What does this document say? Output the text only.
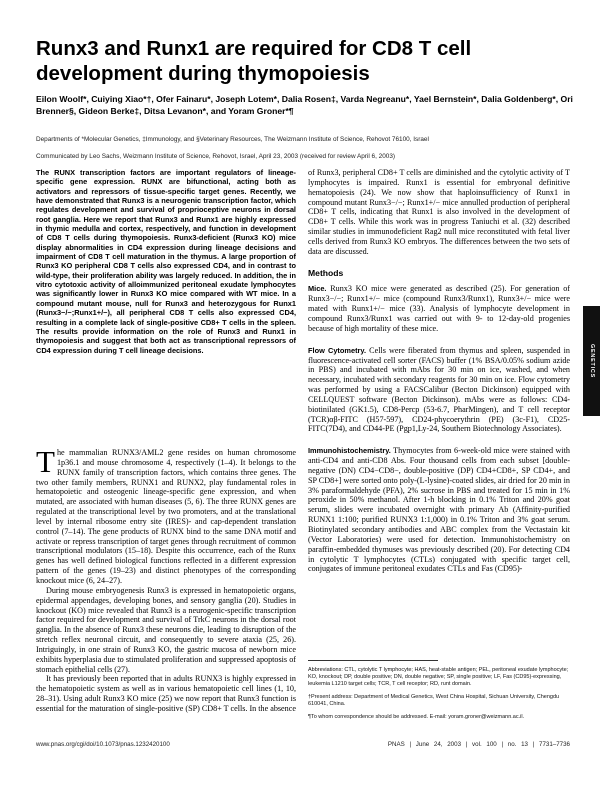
Runx3 and Runx1 are required for CD8 T cell development during thymopoiesis
Eilon Woolf*, Cuiying Xiao*†, Ofer Fainaru*, Joseph Lotem*, Dalia Rosen‡, Varda Negreanu*, Yael Bernstein*, Dalia Goldenberg*, Ori Brenner§, Gideon Berke‡, Ditsa Levanon*, and Yoram Groner*¶
Departments of *Molecular Genetics, ‡Immunology, and §Veterinary Resources, The Weizmann Institute of Science, Rehovot 76100, Israel
Communicated by Leo Sachs, Weizmann Institute of Science, Rehovot, Israel, April 23, 2003 (received for review April 6, 2003)
The RUNX transcription factors are important regulators of lineage-specific gene expression. RUNX are bifunctional, acting both as activators and repressors of tissue-specific target genes. Recently, we have demonstrated that Runx3 is a neurogenic transcription factor, which regulates development and survival of proprioceptive neurons in dorsal root ganglia. Here we report that Runx3 and Runx1 are highly expressed in thymic medulla and cortex, respectively, and function in development of CD8 T cells during thymopoiesis. Runx3-deficient (Runx3 KO) mice display abnormalities in CD4 expression during lineage decisions and impairment of CD8 T cell maturation in the thymus. A large proportion of Runx3 KO peripheral CD8 T cells also expressed CD4, and in contrast to wild-type, their proliferation ability was largely reduced. In addition, the in vitro cytotoxic activity of alloimmunized peritoneal exudate lymphocytes was significantly lower in Runx3 KO mice compared with WT mice. In a compound mutant mouse, null for Runx3 and heterozygous for Runx1 (Runx3−/−;Runx1+/−), all peripheral CD8 T cells also expressed CD4, resulting in a complete lack of single-positive CD8+ T cells in the spleen. The results provide information on the role of Runx3 and Runx1 in thymopoiesis and suggest that both act as transcriptional repressors of CD4 expression during T cell lineage decisions.

The mammalian RUNX3/AML2 gene resides on human chromosome 1p36.1 and mouse chromosome 4, respectively (1–4). It belongs to the RUNX family of transcription factors, which contains three genes. The two other family members, RUNX1 and RUNX2, play fundamental roles in hematopoietic and osteogenic lineage-specific gene expression, and when mutated, are associated with human diseases (5, 6). The three RUNX genes are regulated at the transcriptional level by two promoters, and at the translational level by internal ribosome entry site (IRES)- and cap-dependent translation control (7–14). The gene products of RUNX bind to the same DNA motif and activate or repress transcription of target genes through recruitment of common transcriptional modulators (15–18). Despite this occurrence, each of the Runx genes has well defined biological functions reflected in a different expression pattern of the genes (19–23) and distinct phenotypes of the corresponding knockout mice (6, 24–27).

During mouse embryogenesis Runx3 is expressed in hematopoietic organs, epidermal appendages, developing bones, and sensory ganglia (20). Studies in knockout (KO) mice revealed that Runx3 is a neurogenic-specific transcription factor required for development and survival of TrkC neurons in the dorsal root ganglia. In the absence of Runx3 these neurons die, leading to disruption of the stretch reflex neuronal circuit, and consequently to severe ataxia (25, 26). Intriguingly, in one strain of Runx3 KO, the gastric mucosa of newborn mice exhibits hyperplasia due to stimulated proliferation and suppressed apoptosis of stomach epithelial cells (27).

It has previously been reported that in adults RUNX3 is highly expressed in the hematopoietic system as well as in various hematopoietic cell lines (1, 10, 28–31). Using adult Runx3 KO mice (25) we now report that Runx3 function is essential for the maturation of single-positive (SP) CD8+ T cells. In the absence

of Runx3, peripheral CD8+ T cells are diminished and the cytolytic activity of T lymphocytes is impaired. Runx1 is essential for embryonal definitive hematopoiesis (24). We now show that haploinsufficiency of Runx1 in compound mutant Runx3−/−; Runx1+/− mice annulled production of peripheral CD8+ T cells, indicating that Runx1 is also involved in the development of CD8+ T cells. While this work was in progress Taniuchi et al. (32) described similar studies in immunodeficient Rag2 null mice reconstituted with fetal liver cells derived from Runx3 KO embryos. The differences between the two sets of data are discussed.

Methods

Mice. Runx3 KO mice were generated as described (25). For generation of Runx3−/−; Runx1+/− mice (compound Runx3/Runx1), Runx3+/− mice were mated with Runx1+/− mice (33). Analysis of lymphocyte development in compound Runx3/Runx1 was carried out with 9- to 12-day-old progenies because of high mortality of these mice.

Flow Cytometry. Cells were fiberated from thymus and spleen, suspended in fluorescence-activated cell sorter (FACS) buffer (1% BSA/0.05% sodium azide in PBS) and incubated with mAbs for 30 min on ice, washed, and when necessary, incubated with secondary reagents for 30 min on ice. Flow cytometry was performed by using a FACSCalibur (Becton Dickinson) equipped with CELLQUEST software (Becton Dickinson). mAbs were as follows: CD4-biotinilated (GK1.5), CD8-Percp (53-6.7, PharMingen), and T cell receptor (TCR)αβ-FITC (H57-597), CD24-phycoerythrin (PE) (3c-F1), CD25-FITC(7D4), and CD44-PE (Pgp1,Ly-24, Southern Biotechnology Associates).

Immunohistochemistry. Thymocytes from 6-week-old mice were stained with anti-CD4 and anti-CD8 Abs. Four thousand cells from each subset [double-negative (DN) CD4−CD8−, double-positive (DP) CD4+CD8+, SP CD4+, and SP CD8+] were sorted onto poly-(L-lysine)-coated slides, air dried for 20 min in 3% paraformaldehyde (PFA), 2% sucrose in PBS and treated for 15 min in 1% peroxide in 50% methanol. After 1-h blocking in 0.1% Triton and 20% goat serum, slides were incubated overnight with primary Ab (Affinity-purified RUNX1 1:100; purified RUNX3 1:1,000) in 0.1% Triton and 3% goat serum. Biotinylated secondary antibodies and ABC complex from the Vectastain kit (Vector Laboratories) were used for detection. Immunohistochemistry on paraffin-embedded thymuses was previously described (20). For detecting CD4 in cytolytic T lymphocytes (CTLs) conjugated with specific target cell, conjugates of immune peritoneal exudates CTLs and Fas (CD95)-

Abbreviations: CTL, cytolytic T lymphocyte; HAS, heat-stable antigen; PEL, peritoneal exudate lymphocyte; KO, knockout; DP, double positive; DN, double negative; SP, single positive; LF, Fas (CD95)-expressing, leukemia L1210 target cells; TCR, T cell receptor; RD, runt domain.

†Present address: Department of Medical Genetics, West China Hospital, Sichuan University, Chengdu 610041, China.

¶To whom correspondence should be addressed. E-mail: yoram.groner@weizmann.ac.il.

www.pnas.org/cgi/doi/10.1073/pnas.1232420100	PNAS | June 24, 2003 | vol. 100 | no. 13 | 7731–7736
GENETICS
